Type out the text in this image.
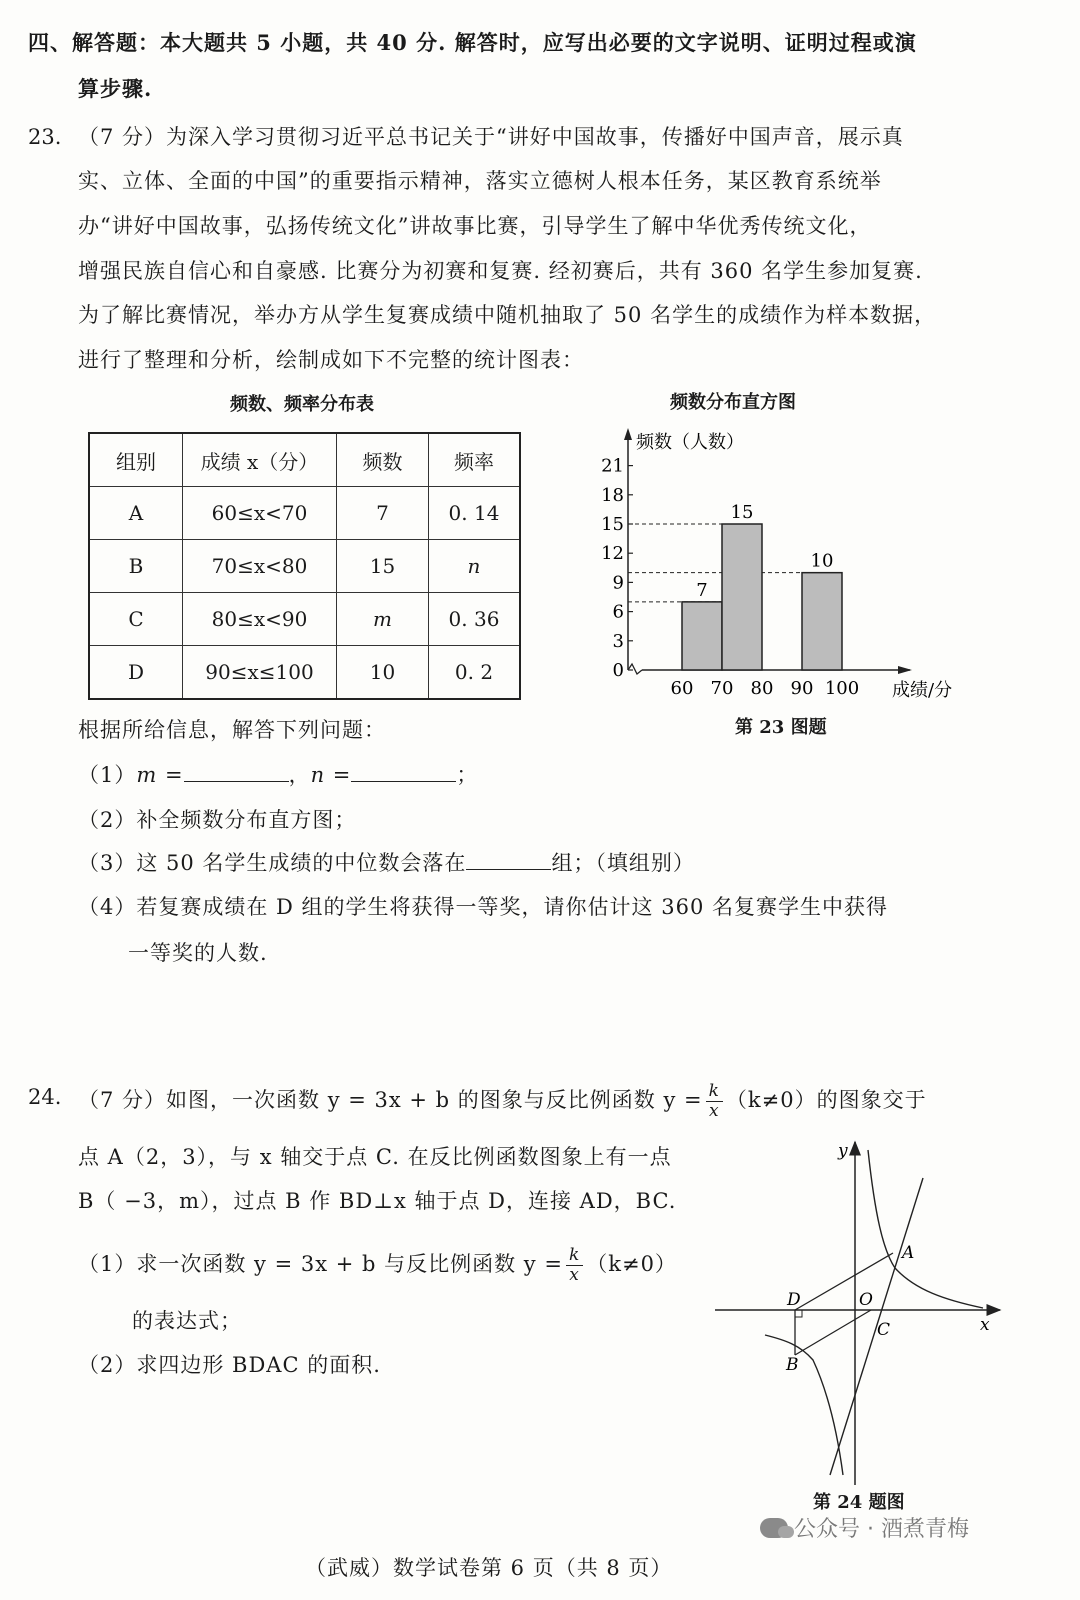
四、解答题：本大题共 5 小题，共 40 分. 解答时，应写出必要的文字说明、证明过程或演
算步骤.
23. （7 分）为深入学习贯彻习近平总书记关于“讲好中国故事，传播好中国声音，展示真
实、立体、全面的中国”的重要指示精神，落实立德树人根本任务，某区教育系统举
办“讲好中国故事，弘扬传统文化”讲故事比赛，引导学生了解中华优秀传统文化，
增强民族自信心和自豪感. 比赛分为初赛和复赛. 经初赛后，共有 360 名学生参加复赛.
为了解比赛情况，举办方从学生复赛成绩中随机抽取了 50 名学生的成绩作为样本数据，
进行了整理和分析，绘制成如下不完整的统计图表：
频数、频率分布表	频数分布直方图
组别	成绩 x（分）	频数	频率
A	60≤x<70	7	0. 14
B	70≤x<80	15	n
C	80≤x<90	m	0. 36
D	90≤x≤100	10	0. 2	0
3
6
9
12
15
18
21
频数（人数）
60 70 80 90 100 成绩/分
7
15
10
第 23 图题
根据所给信息，解答下列问题：
（1）m =	，n =	；
（2）补全频数分布直方图；
（3）这 50 名学生成绩的中位数会落在	组；（填组别）
（4）若复赛成绩在 D 组的学生将获得一等奖，请你估计这 360 名复赛学生中获得
一等奖的人数.
24. （7 分）如图，一次函数 y = 3x + b 的图象与反比例函数 $y = \frac{k}{x} (k\ne 0)$的图象交于
点 A（2，3），与 x 轴交于点 C. 在反比例函数图象上有一点
B（ −3，m），过点 B 作 BD⊥x 轴于点 D，连接 AD，BC.
（1）求一次函数 y = 3x + b 与反比例函数 $y = \frac{k}{x} (k\ne 0)$
的表达式；
（2）求四边形 BDAC 的面积.
y
x
A
B
C
D	O
第 24 题图
公众号 · 酒煮青梅
（武威）数学试卷第 6 页（共 8 页）
